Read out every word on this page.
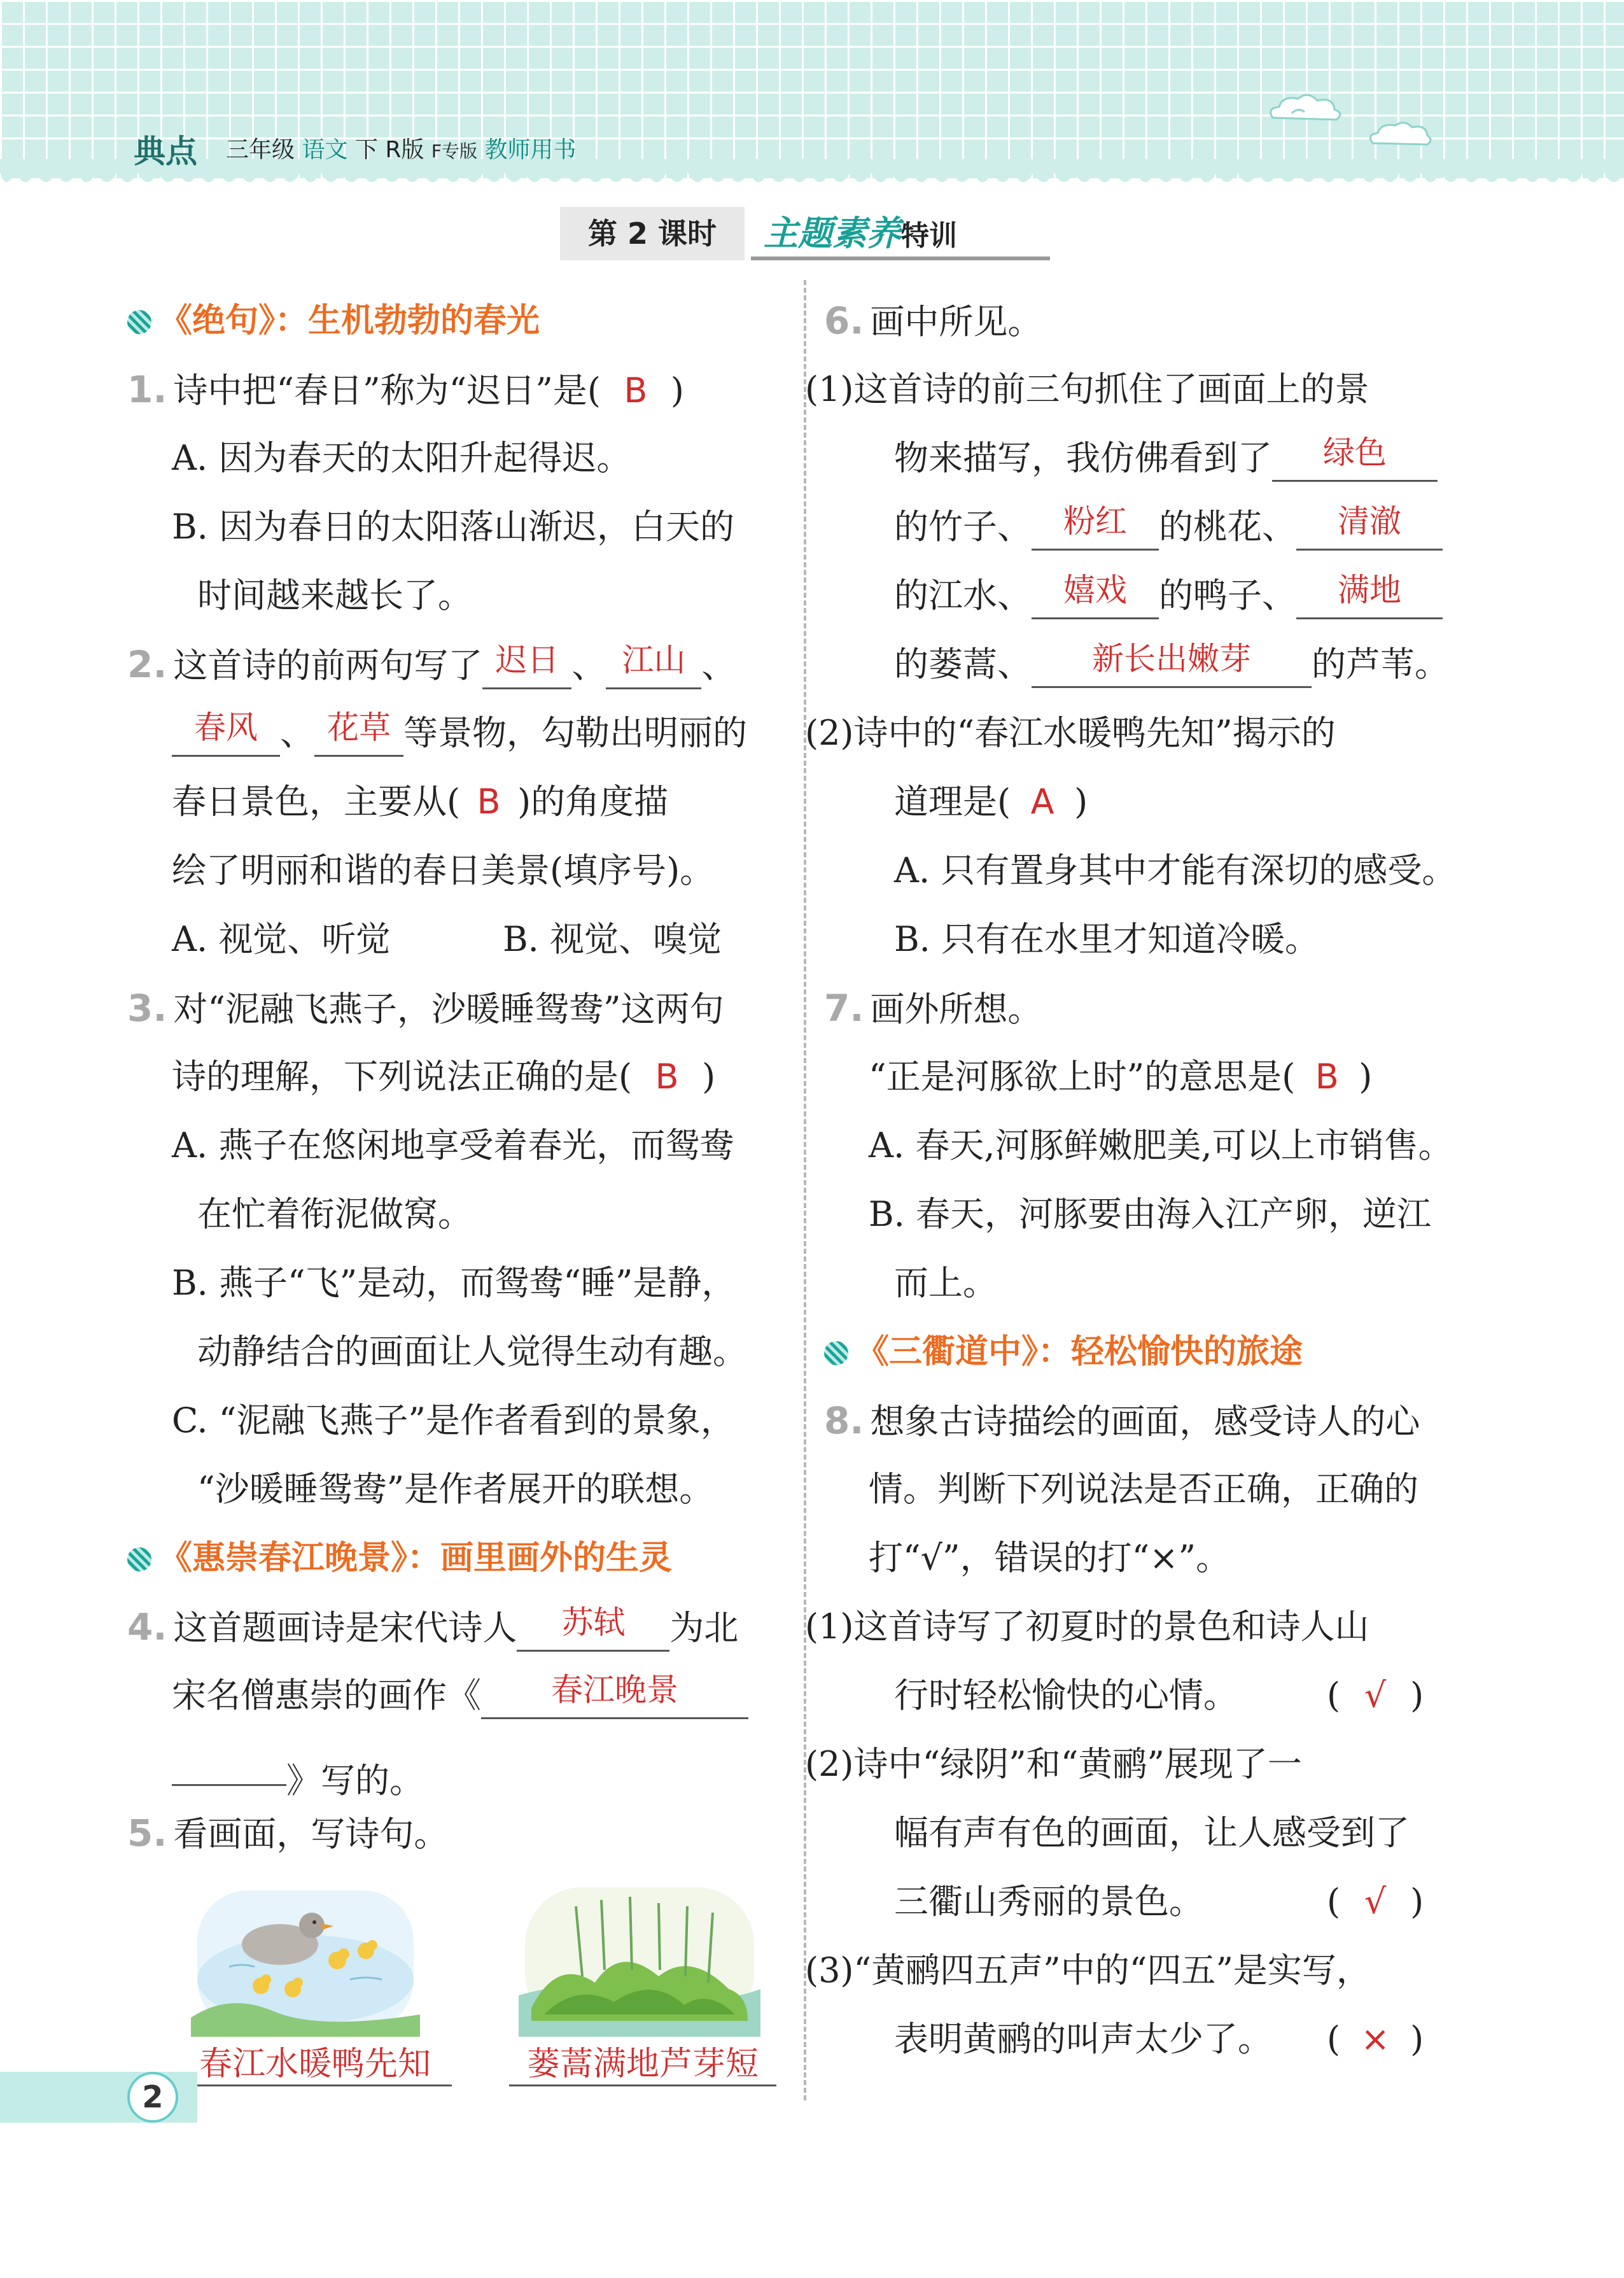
典点 三年级 语文 下 R版 F专版 教师用书
第 2 课时	主题素养特训
《绝句》：生机勃勃的春光
1. 诗中把“春日”称为“迟日”是( B )
A. 因为春天的太阳升起得迟。
B. 因为春日的太阳落山渐迟，白天的
时间越来越长了。
2. 这首诗的前两句写了 迟日 、 江山 、
春风 、 花草 等景物，勾勒出明丽的
春日景色，主要从( B )的角度描
绘了明丽和谐的春日美景(填序号)。
A. 视觉、听觉	B. 视觉、嗅觉
3. 对“泥融飞燕子，沙暖睡鸳鸯”这两句
诗的理解，下列说法正确的是( B )
A. 燕子在悠闲地享受着春光，而鸳鸯
在忙着衔泥做窝。
B. 燕子“飞”是动，而鸳鸯“睡”是静，
动静结合的画面让人觉得生动有趣。
C. “泥融飞燕子”是作者看到的景象，
“沙暖睡鸳鸯”是作者展开的联想。
《惠崇春江晚景》：画里画外的生灵
4. 这首题画诗是宋代诗人 苏轼 为北
宋名僧惠崇的画作《 春江晚景
》写的。
5. 看画面，写诗句。
春江水暖鸭先知	蒌蒿满地芦芽短
6. 画中所见。
(1)这首诗的前三句抓住了画面上的景
物来描写，我仿佛看到了 绿色
的竹子、 粉红 的桃花、 清澈
的江水、 嬉戏 的鸭子、 满地
的蒌蒿、 新长出嫩芽 的芦苇。
(2)诗中的“春江水暖鸭先知”揭示的
道理是( A )
A. 只有置身其中才能有深切的感受。
B. 只有在水里才知道冷暖。
7. 画外所想。
“正是河豚欲上时”的意思是( B )
A. 春天,河豚鲜嫩肥美,可以上市销售。
B. 春天，河豚要由海入江产卵，逆江
而上。
《三衢道中》：轻松愉快的旅途
8. 想象古诗描绘的画面，感受诗人的心
情。判断下列说法是否正确，正确的
打“√”，错误的打“×”。
(1)这首诗写了初夏时的景色和诗人山
行时轻松愉快的心情。	( √ )
(2)诗中“绿阴”和“黄鹂”展现了一
幅有声有色的画面，让人感受到了
三衢山秀丽的景色。	( √ )
(3)“黄鹂四五声”中的“四五”是实写，
表明黄鹂的叫声太少了。 ( × )
2
